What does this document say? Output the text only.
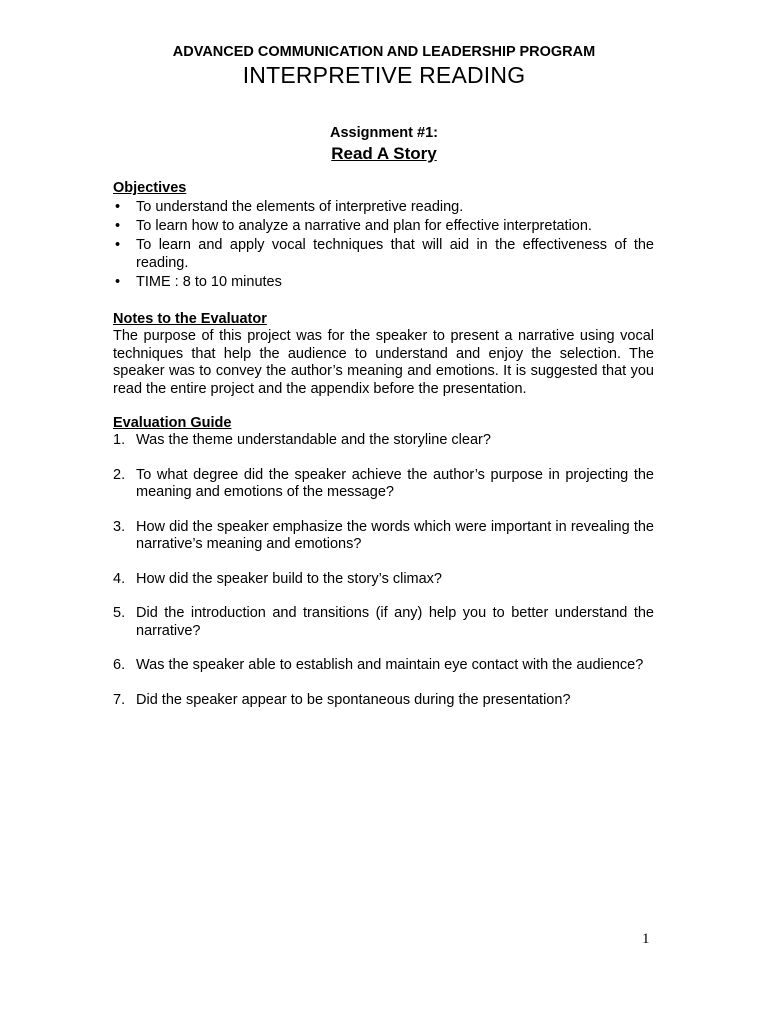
ADVANCED COMMUNICATION AND LEADERSHIP PROGRAM
INTERPRETIVE READING
Assignment #1:
Read A Story
Objectives
• To understand the elements of interpretive reading.
• To learn how to analyze a narrative and plan for effective interpretation.
• To learn and apply vocal techniques that will aid in the effectiveness of the reading.
• TIME : 8 to 10 minutes
Notes to the Evaluator

The purpose of this project was for the speaker to present a narrative using vocal techniques that help the audience to understand and enjoy the selection. The speaker was to convey the author’s meaning and emotions. It is suggested that you read the entire project and the appendix before the presentation.

Evaluation Guide
1. Was the theme understandable and the storyline clear?
2. To what degree did the speaker achieve the author’s purpose in projecting the meaning and emotions of the message?
3. How did the speaker emphasize the words which were important in revealing the narrative’s meaning and emotions?
4. How did the speaker build to the story’s climax?
5. Did the introduction and transitions (if any) help you to better understand the narrative?
6. Was the speaker able to establish and maintain eye contact with the audience?
7. Did the speaker appear to be spontaneous during the presentation?
1
